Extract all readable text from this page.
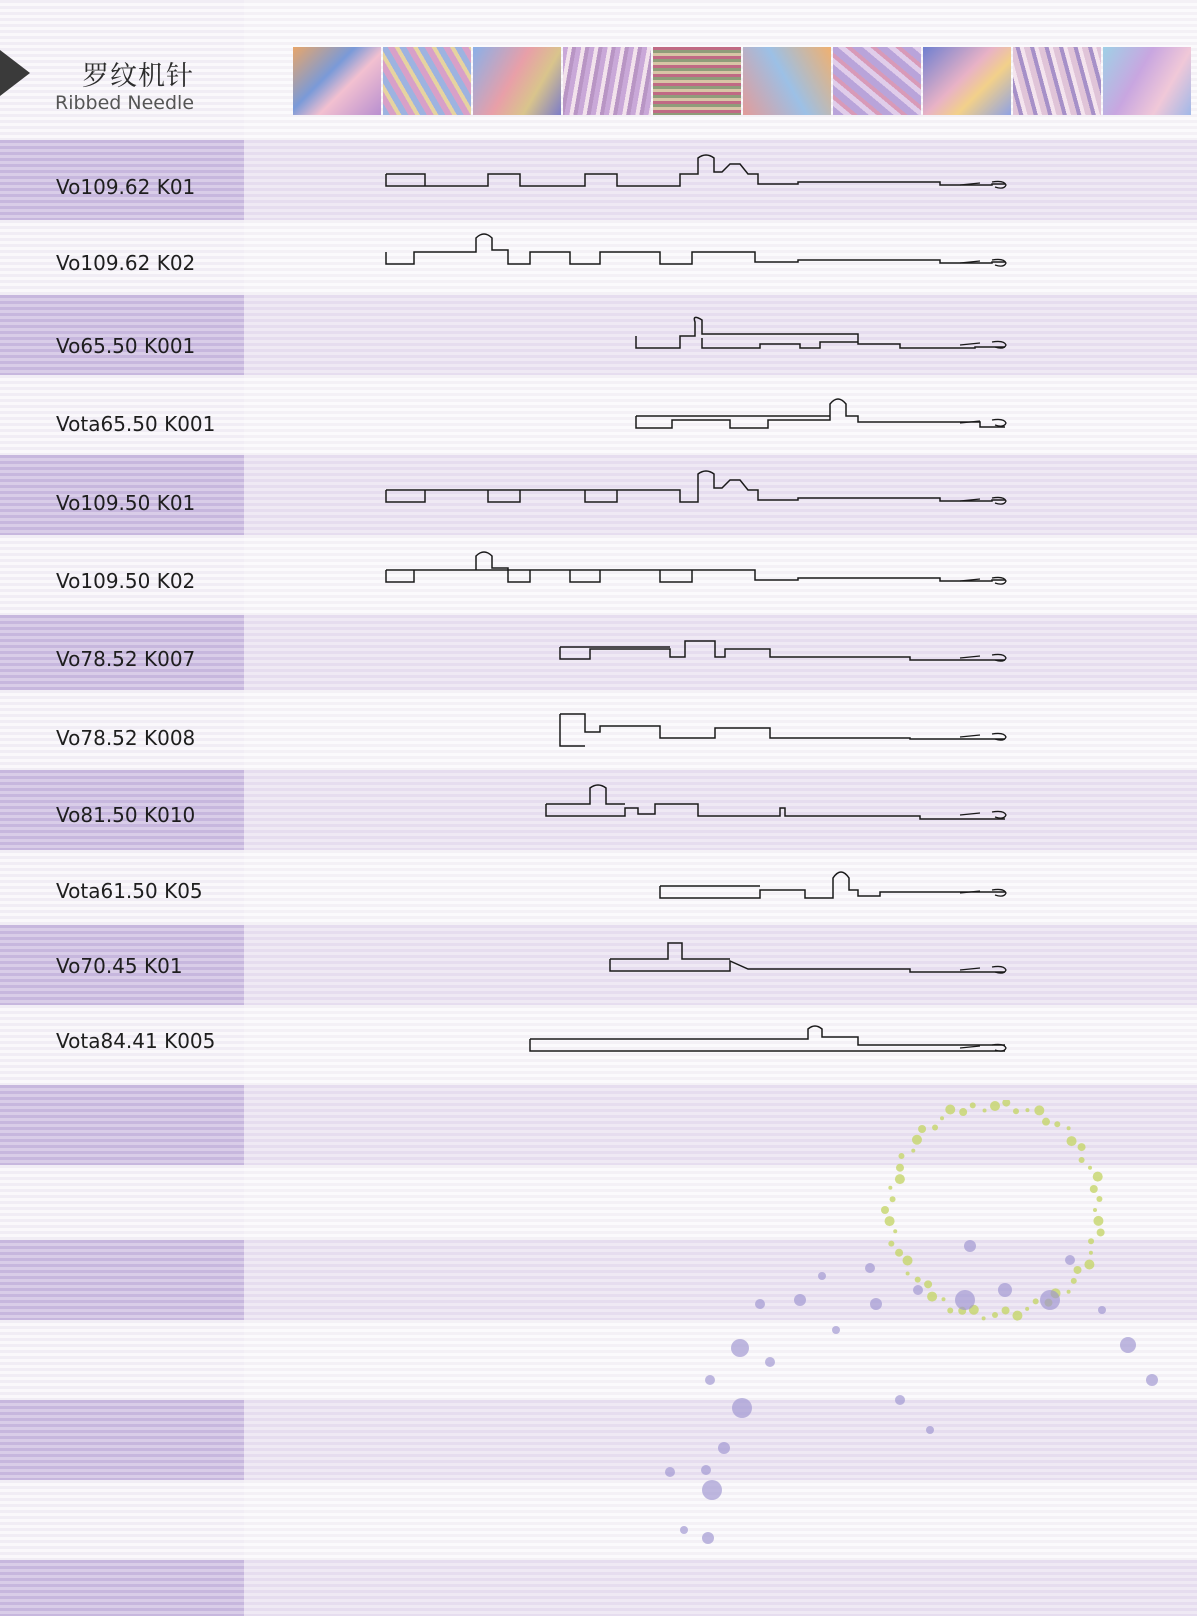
罗纹机针
Ribbed Needle
Vo109.62 K01
Vo109.62 K02
Vo65.50 K001
Vota65.50 K001
Vo109.50 K01
Vo109.50 K02
Vo78.52 K007
Vo78.52 K008
Vo81.50 K010
Vota61.50 K05
Vo70.45 K01
Vota84.41 K005
